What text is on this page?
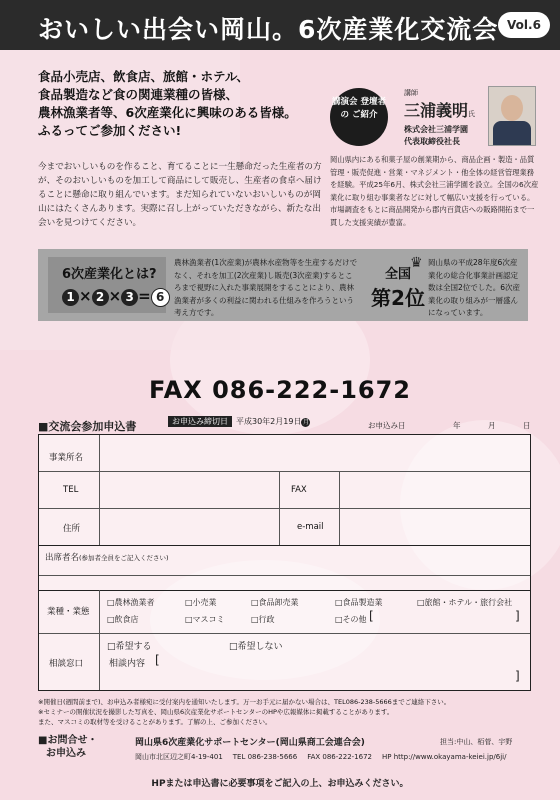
おいしい出会い岡山。6次産業化交流会 Vol.6
食品小売店、飲食店、旅館・ホテル、
食品製造など食の関連業種の皆様、
農林漁業者等、6次産業化に興味のある皆様。
ふるってご参加ください!
今までおいしいものを作ること、育てることに一生懸命だった生産者の方が、そのおいしいものを加工して商品にして販売し、生産者の食卓へ届けることに懸命に取り組んでいます。まだ知られていないおいしいものが岡山にはたくさんあります。実際に召し上がっていただきながら、新たな出会いを見つけてください。
講演会 登壇者の ご紹介
講師
三浦義明氏
株式会社三浦学園
代表取締役社長
岡山県内にある和菓子屋の創業期から、商品企画・製造・品質管理・販売促進・営業・マネジメント・他全体の経営管理業務を経験。平成25年6月、株式会社三浦学園を設立。全国の6次産業化に取り組む事業者などに対して幅広い支援を行っている。市場調査をもとに商品開発から郡内百貨店への販路開拓まで一貫した支援実績が豊富。
6次産業化とは?
1 × 2 × 3 = 6
農林漁業者(1次産業)が農林水産物等を生産するだけでなく、それを加工(2次産業)し販売(3次産業)するところまで視野に入れた事業展開をすることにより、農林漁業者が多くの利益に関われる仕組みを作ろうという考え方です。
♛
全国
第2位
岡山県の平成28年度6次産業化の総合化事業計画認定数は全国2位でした。6次産業化の取り組みが一層盛んになっています。
FAX 086-222-1672
■交流会参加申込書	お申込み締切日 平成30年2月19日月	お申込み日	年	月	日
事業所名
TEL	FAX
住所	e-mail
出席者名(参加者全員をご記入ください)
業種・業態
□農林漁業者	□小売業	□食品卸売業	□食品製造業	□旅館・ホテル・旅行会社
□飲食店	□マスコミ	□行政	□その他 [	]
相談窓口
□希望する	□希望しない
相談内容 [
]
※開催日(週間前まで)、お申込み者様宛に受付案内を通知いたします。万一お手元に届かない場合は、TEL086-238-5666までご連絡下さい。
※セミナーの開催状況を撮影した写真を、岡山県6次産業化サポートセンターのHPや広報媒体に掲載することがあります。
また、マスコミの取材等を受けることがあります。了解の上、ご参加ください。
■お問合せ・
お申込み
岡山県6次産業化サポートセンター(岡山県商工会連合会)	担当:中山、栢菅、宇野
岡山市北区辺之町4-19-401 TEL 086-238-5666 FAX 086-222-1672 HP http://www.okayama-keiei.jp/6ji/
HPまたは申込書に必要事項をご記入の上、お申込みください。
